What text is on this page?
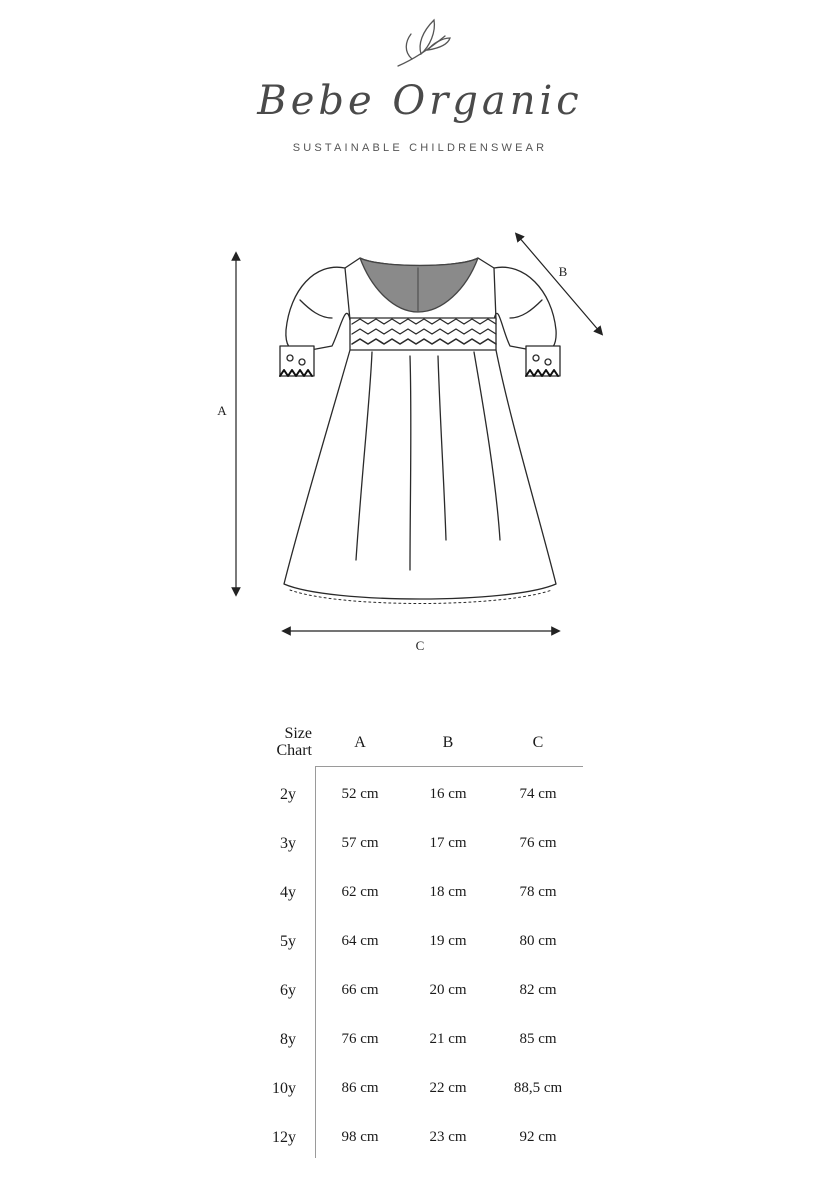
Bebe Organic
SUSTAINABLE CHILDRENSWEAR
A
B
C
Size
Chart	A	B	C
2y	52 cm	16 cm	74 cm
3y	57 cm	17 cm	76 cm
4y	62 cm	18 cm	78 cm
5y	64 cm	19 cm	80 cm
6y	66 cm	20 cm	82 cm
8y	76 cm	21 cm	85 cm
10y	86 cm	22 cm	88,5 cm
12y	98 cm	23 cm	92 cm
